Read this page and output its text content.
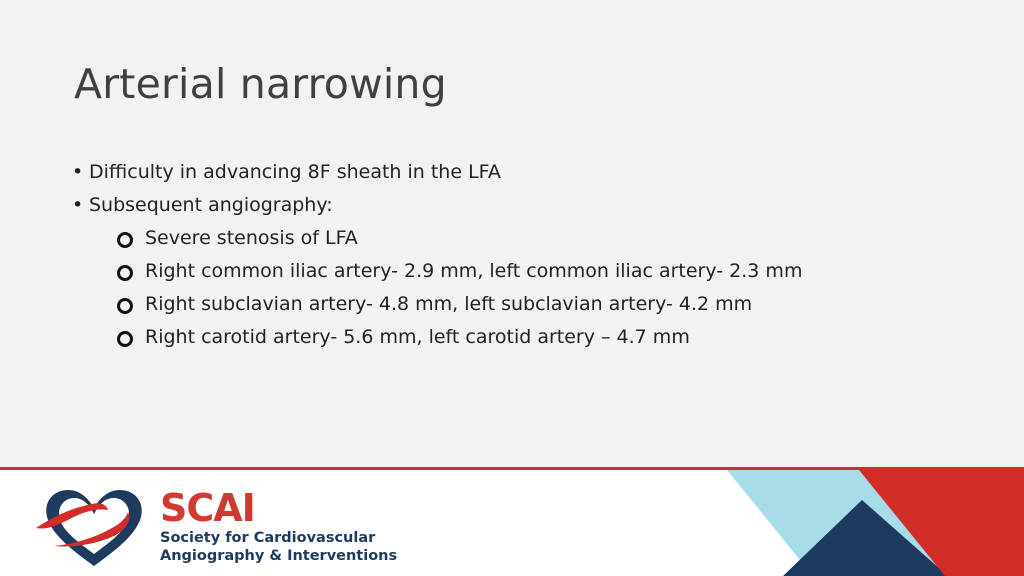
Arterial narrowing
• Difficulty in advancing 8F sheath in the LFA
• Subsequent angiography:
Severe stenosis of LFA
Right common iliac artery- 2.9 mm, left common iliac artery- 2.3 mm
Right subclavian artery- 4.8 mm, left subclavian artery- 4.2 mm
Right carotid artery- 5.6 mm, left carotid artery – 4.7 mm
SCAI
Society for Cardiovascular
Angiography & Interventions
